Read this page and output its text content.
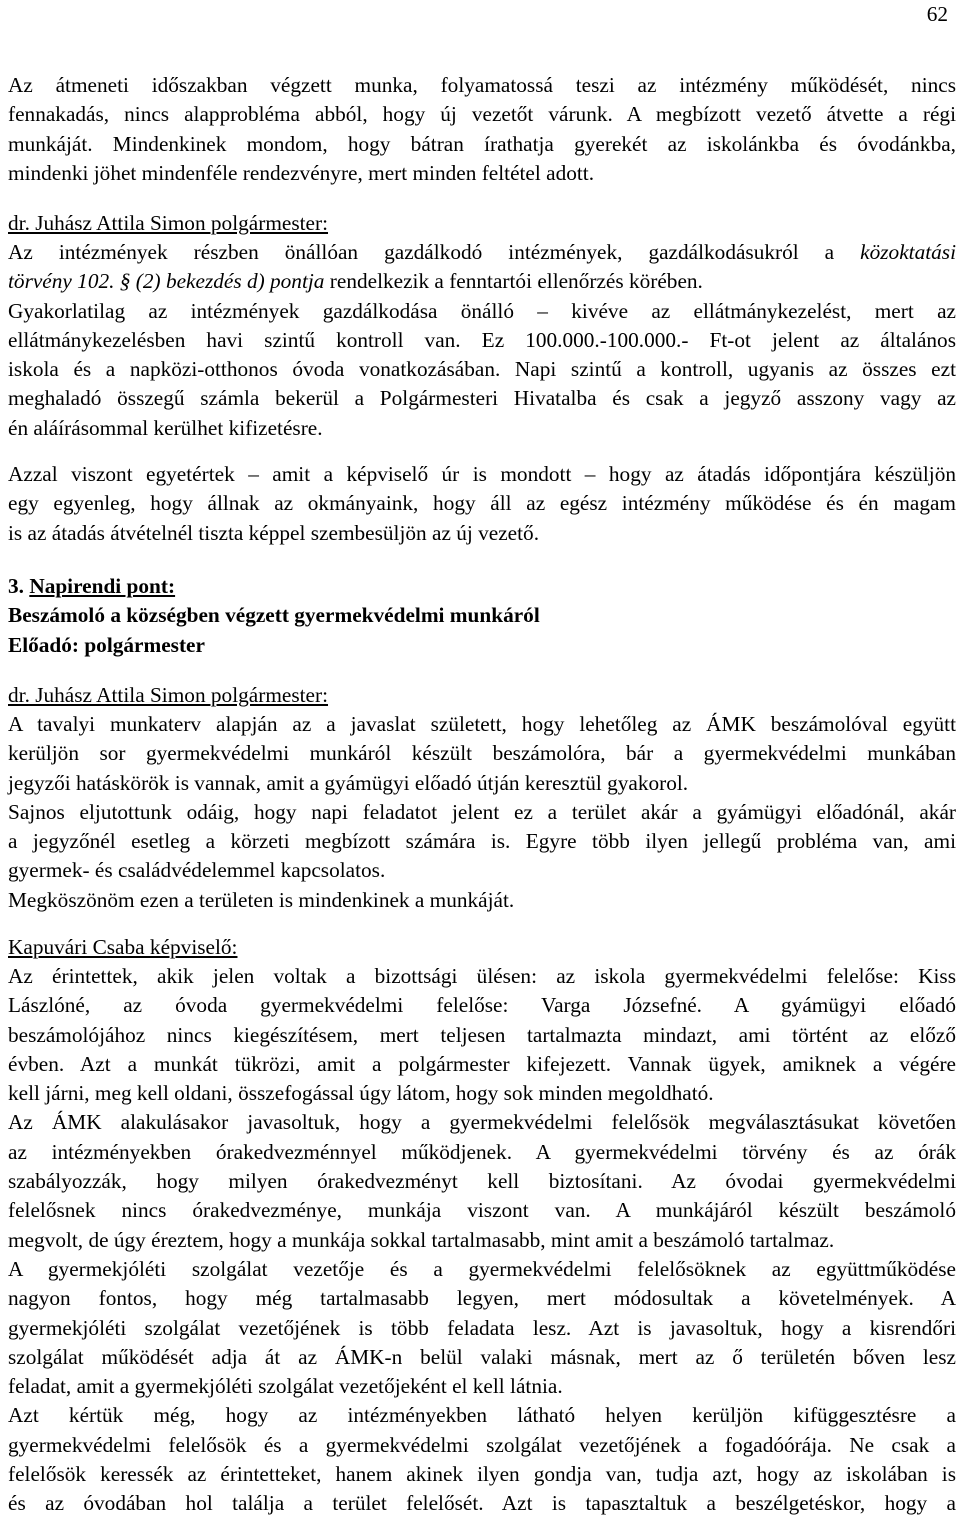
62
Az átmeneti időszakban végzett munka, folyamatossá teszi az intézmény működését, nincs
fennakadás, nincs alapprobléma abból, hogy új vezetőt várunk. A megbízott vezető átvette a régi
munkáját. Mindenkinek mondom, hogy bátran írathatja gyerekét az iskolánkba és óvodánkba,
mindenki jöhet mindenféle rendezvényre, mert minden feltétel adott.
dr. Juhász Attila Simon polgármester:
Az intézmények részben önállóan gazdálkodó intézmények, gazdálkodásukról a közoktatási
törvény 102. § (2) bekezdés d) pontja rendelkezik a fenntartói ellenőrzés körében.
Gyakorlatilag az intézmények gazdálkodása önálló – kivéve az ellátmánykezelést, mert az
ellátmánykezelésben havi szintű kontroll van. Ez 100.000.-100.000.- Ft-ot jelent az általános
iskola és a napközi-otthonos óvoda vonatkozásában. Napi szintű a kontroll, ugyanis az összes ezt
meghaladó összegű számla bekerül a Polgármesteri Hivatalba és csak a jegyző asszony vagy az
én aláírásommal kerülhet kifizetésre.
Azzal viszont egyetértek – amit a képviselő úr is mondott – hogy az átadás időpontjára készüljön
egy egyenleg, hogy állnak az okmányaink, hogy áll az egész intézmény működése és én magam
is az átadás átvételnél tiszta képpel szembesüljön az új vezető.
3. Napirendi pont:
Beszámoló a községben végzett gyermekvédelmi munkáról
Előadó: polgármester
dr. Juhász Attila Simon polgármester:
A tavalyi munkaterv alapján az a javaslat született, hogy lehetőleg az ÁMK beszámolóval együtt
kerüljön sor gyermekvédelmi munkáról készült beszámolóra, bár a gyermekvédelmi munkában
jegyzői hatáskörök is vannak, amit a gyámügyi előadó útján keresztül gyakorol.
Sajnos eljutottunk odáig, hogy napi feladatot jelent ez a terület akár a gyámügyi előadónál, akár
a jegyzőnél esetleg a körzeti megbízott számára is. Egyre több ilyen jellegű probléma van, ami
gyermek- és családvédelemmel kapcsolatos.
Megköszönöm ezen a területen is mindenkinek a munkáját.
Kapuvári Csaba képviselő:
Az érintettek, akik jelen voltak a bizottsági ülésen: az iskola gyermekvédelmi felelőse: Kiss
Lászlóné, az óvoda gyermekvédelmi felelőse: Varga Józsefné. A gyámügyi előadó
beszámolójához nincs kiegészítésem, mert teljesen tartalmazta mindazt, ami történt az előző
évben. Azt a munkát tükrözi, amit a polgármester kifejezett. Vannak ügyek, amiknek a végére
kell járni, meg kell oldani, összefogással úgy látom, hogy sok minden megoldható.
Az ÁMK alakulásakor javasoltuk, hogy a gyermekvédelmi felelősök megválasztásukat követően
az intézményekben órakedvezménnyel működjenek. A gyermekvédelmi törvény és az órák
szabályozzák, hogy milyen órakedvezményt kell biztosítani. Az óvodai gyermekvédelmi
felelősnek nincs órakedvezménye, munkája viszont van. A munkájáról készült beszámoló
megvolt, de úgy éreztem, hogy a munkája sokkal tartalmasabb, mint amit a beszámoló tartalmaz.
A gyermekjóléti szolgálat vezetője és a gyermekvédelmi felelősöknek az együttműködése
nagyon fontos, hogy még tartalmasabb legyen, mert módosultak a követelmények. A
gyermekjóléti szolgálat vezetőjének is több feladata lesz. Azt is javasoltuk, hogy a kisrendőri
szolgálat működését adja át az ÁMK-n belül valaki másnak, mert az ő területén bőven lesz
feladat, amit a gyermekjóléti szolgálat vezetőjeként el kell látnia.
Azt kértük még, hogy az intézményekben látható helyen kerüljön kifüggesztésre a
gyermekvédelmi felelősök és a gyermekvédelmi szolgálat vezetőjének a fogadóórája. Ne csak a
felelősök keressék az érintetteket, hanem akinek ilyen gondja van, tudja azt, hogy az iskolában is
és az óvodában hol találja a terület felelősét. Azt is tapasztaltuk a beszélgetéskor, hogy a
